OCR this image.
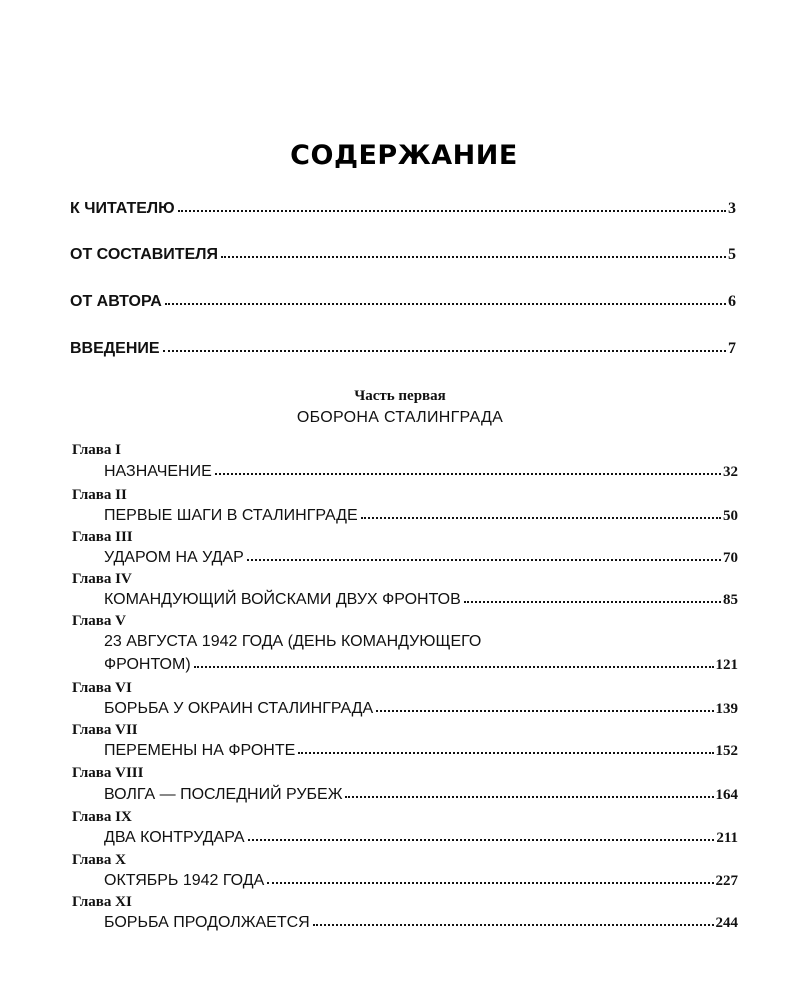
СОДЕРЖАНИЕ
К ЧИТАТЕЛЮ	3
ОТ СОСТАВИТЕЛЯ	5
ОТ АВТОРА	6
ВВЕДЕНИЕ	7
Часть первая
ОБОРОНА СТАЛИНГРАДА
Глава I
НАЗНАЧЕНИЕ	32
Глава II
ПЕРВЫЕ ШАГИ В СТАЛИНГРАДЕ	50
Глава III
УДАРОМ НА УДАР	70
Глава IV
КОМАНДУЮЩИЙ ВОЙСКАМИ ДВУХ ФРОНТОВ	85
Глава V
23 АВГУСТА 1942 ГОДА (ДЕНЬ КОМАНДУЮЩЕГО
ФРОНТОМ)	121
Глава VI
БОРЬБА У ОКРАИН СТАЛИНГРАДА	139
Глава VII
ПЕРЕМЕНЫ НА ФРОНТЕ	152
Глава VIII
ВОЛГА — ПОСЛЕДНИЙ РУБЕЖ	164
Глава IX
ДВА КОНТРУДАРА	211
Глава X
ОКТЯБРЬ 1942 ГОДА	227
Глава XI
БОРЬБА ПРОДОЛЖАЕТСЯ	244
